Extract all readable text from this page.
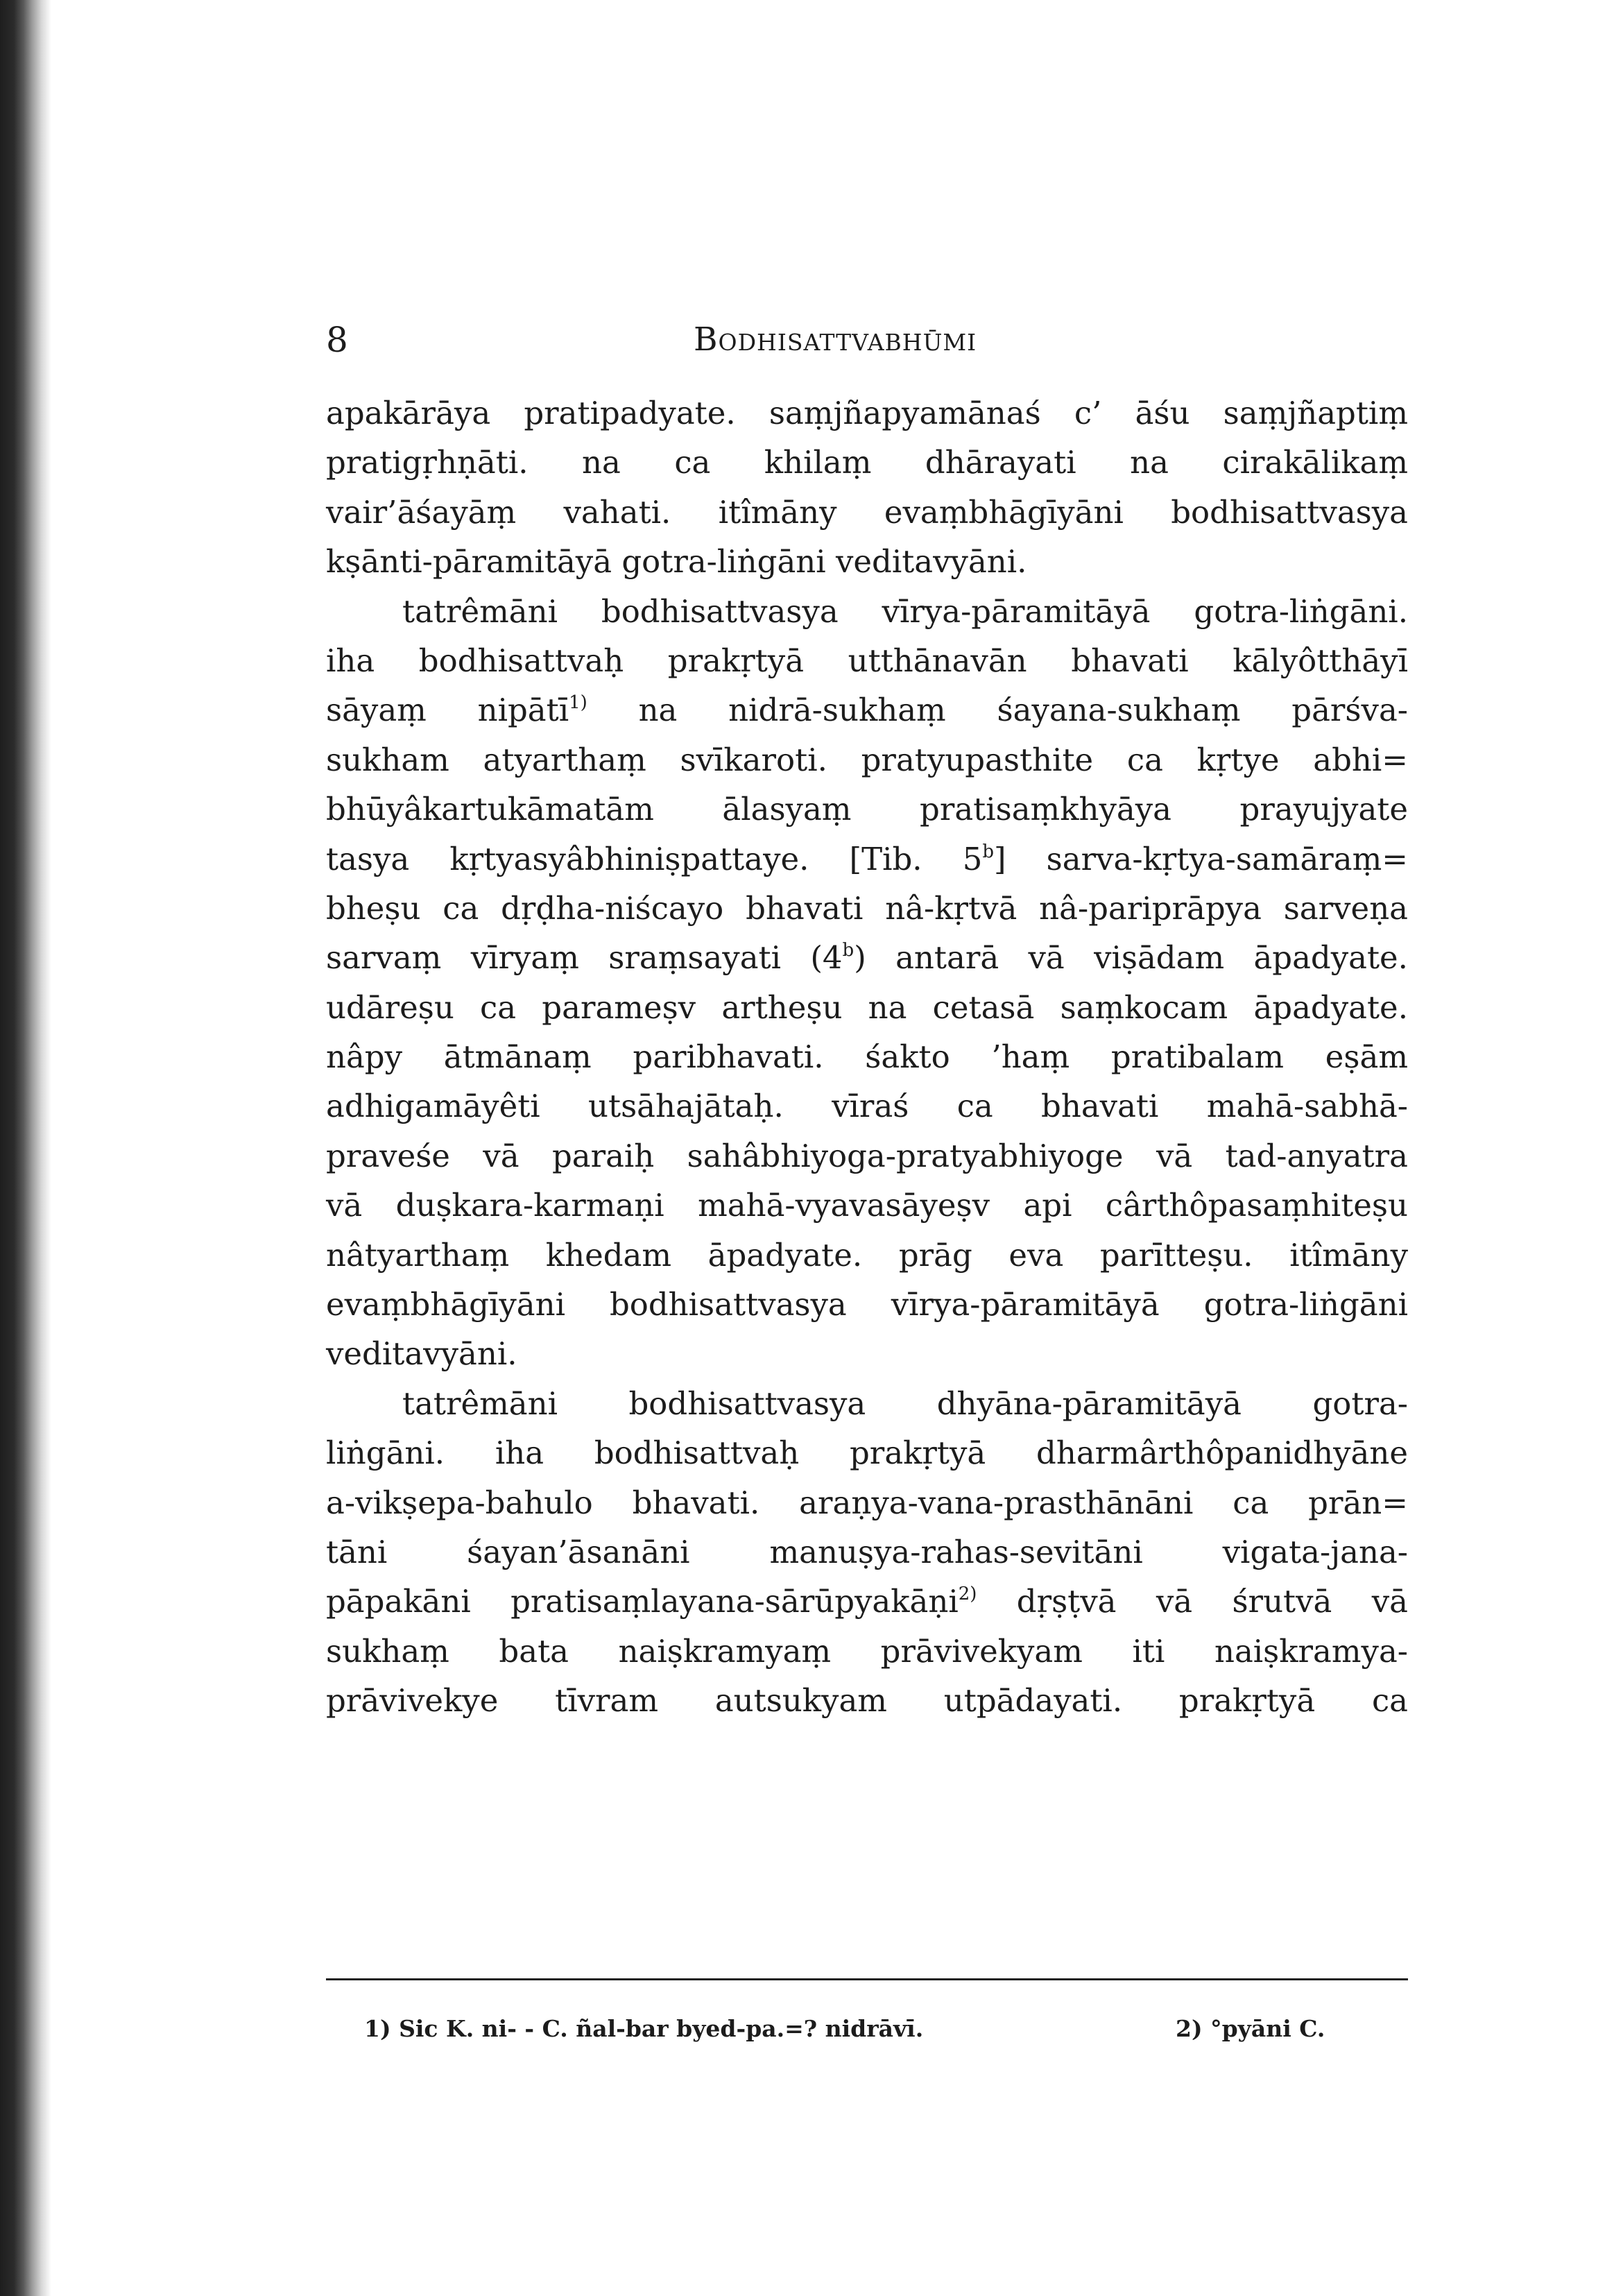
8	Bodhisattvabhūmi
apakārāya pratipadyate. saṃjñapyamānaś c’ āśu saṃjñaptiṃ
pratigṛhṇāti. na ca khilaṃ dhārayati na cirakālikaṃ
vair’āśayāṃ vahati. itîmāny evaṃbhāgīyāni bodhisattvasya
kṣānti-pāramitāyā gotra-liṅgāni veditavyāni.
tatrêmāni bodhisattvasya vīrya-pāramitāyā gotra-liṅgāni.
iha bodhisattvaḥ prakṛtyā utthānavān bhavati kālyôtthāyī
sāyaṃ nipātī$^{1)}$ na nidrā-sukhaṃ śayana-sukhaṃ pārśva-
sukham atyarthaṃ svīkaroti. pratyupasthite ca kṛtye abhi=
bhūyâkartukāmatām ālasyaṃ pratisaṃkhyāya prayujyate
tasya kṛtyasyâbhiniṣpattaye. [Tib. 5$^b$] sarva-kṛtya-samāraṃ=
bheṣu ca dṛḍha-niścayo bhavati nâ-kṛtvā nâ-pariprāpya sarveṇa
sarvaṃ vīryaṃ sraṃsayati (4$^b$) antarā vā viṣādam āpadyate.
udāreṣu ca parameṣv artheṣu na cetasā saṃkocam āpadyate.
nâpy ātmānaṃ paribhavati. śakto ’haṃ pratibalam eṣām
adhigamāyêti utsāhajātaḥ. vīraś ca bhavati mahā-sabhā-
praveśe vā paraiḥ sahâbhiyoga-pratyabhiyoge vā tad-anyatra
vā duṣkara-karmaṇi mahā-vyavasāyeṣv api cârthôpasaṃhiteṣu
nâtyarthaṃ khedam āpadyate. prāg eva parītteṣu. itîmāny
evaṃbhāgīyāni bodhisattvasya vīrya-pāramitāyā gotra-liṅgāni
veditavyāni.
tatrêmāni bodhisattvasya dhyāna-pāramitāyā gotra-
liṅgāni. iha bodhisattvaḥ prakṛtyā dharmârthôpanidhyāne
a-vikṣepa-bahulo bhavati. araṇya-vana-prasthānāni ca prān=
tāni śayan’āsanāni manuṣya-rahas-sevitāni vigata-jana-
pāpakāni pratisaṃlayana-sārūpyakāṇi$^{2)}$ dṛṣṭvā vā śrutvā vā
sukhaṃ bata naiṣkramyaṃ prāvivekyam iti naiṣkramya-
prāvivekye tīvram autsukyam utpādayati. prakṛtyā ca
1) Sic K. ni- - C. ñal-bar byed-pa.=? nidrāvī.	2) °pyāni C.
